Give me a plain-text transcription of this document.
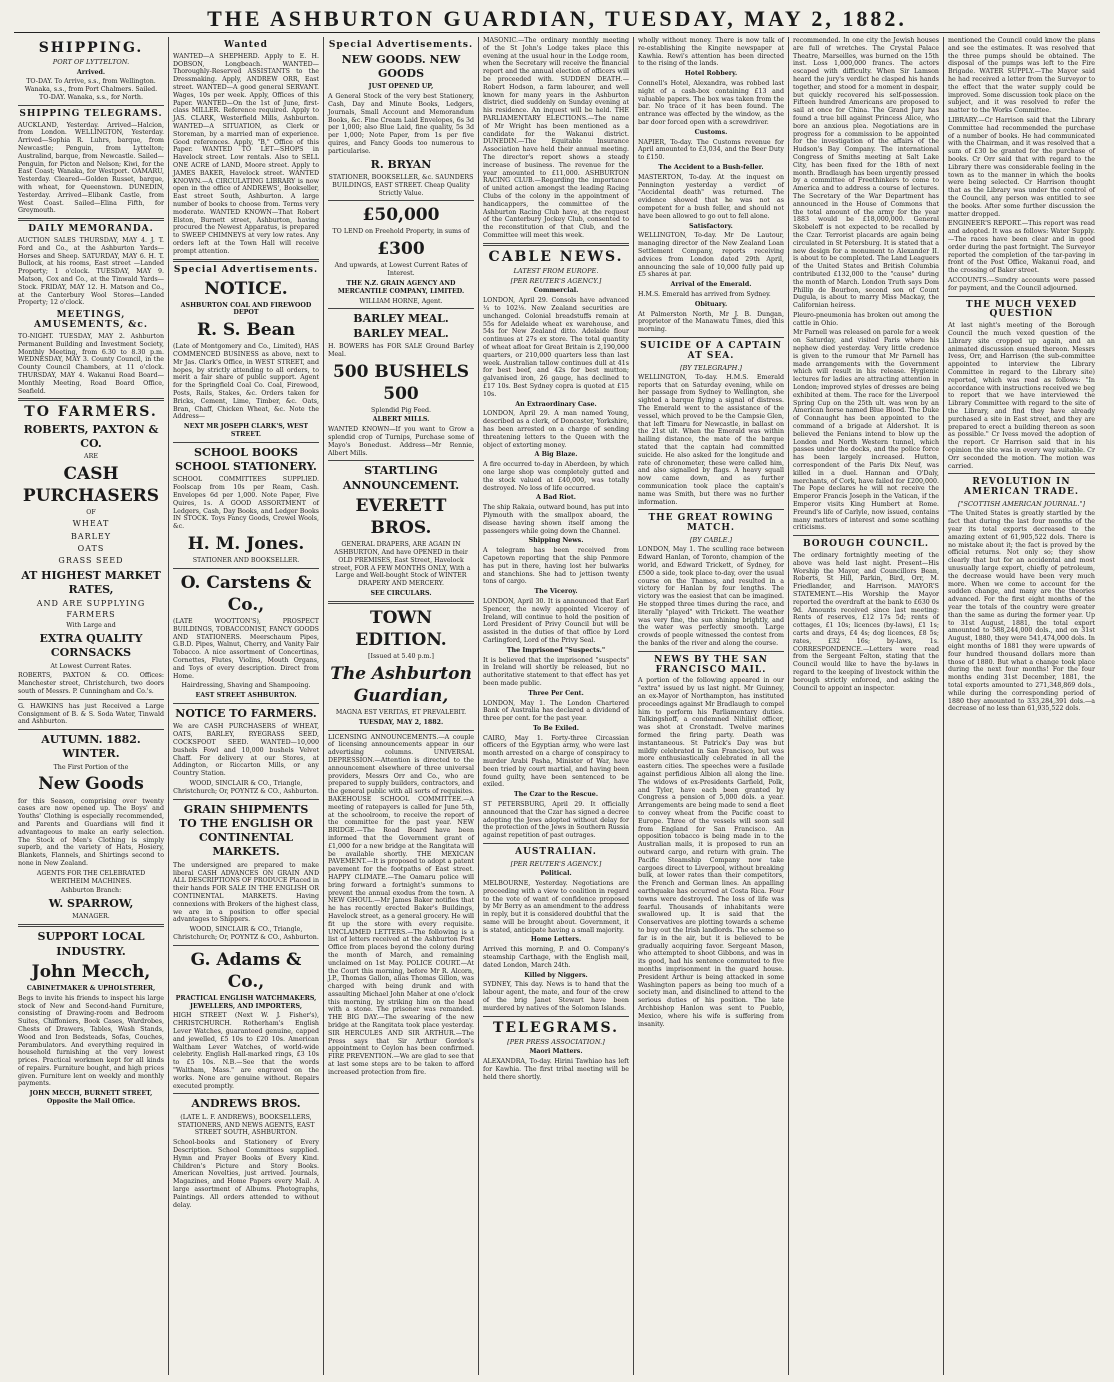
THE ASHBURTON GUARDIAN, TUESDAY, MAY 2, 1882.
SHIPPING.
PORT OF LYTTELTON.
Arrived.
TO-DAY. To Arrive, s.s., from Wellington. Wanaka, s.s., from Port Chalmers. Sailed. TO-DAY. Wanaka, s.s., for North.
SHIPPING TELEGRAMS.
AUCKLAND, Yesterday. Arrived—Halcion, from London. WELLINGTON, Yesterday. Arrived—Sophia R. Luhrs, barque, from Newcastle; Penguin, from Lyttelton; Australind, barque, from Newcastle. Sailed—Penguin, for Picton and Nelson; Kiwi, for the East Coast; Wanaka, for Westport. OAMARU, Yesterday. Cleared—Golden Russet, barque, with wheat, for Queenstown. DUNEDIN, Yesterday. Arrived—Elibank Castle, from West Coast. Sailed—Elina Fifth, for Greymouth.
DAILY MEMORANDA.
AUCTION SALES THURSDAY, MAY 4. J. T. Ford and Co., at the Ashburton Yards—Horses and Sheep. SATURDAY, MAY 6. H. T. Bullock, at his rooms, East street —Landed Property; 1 o'clock. TUESDAY, MAY 9. Matson, Cox and Co., at the Tinwald Yards—Stock. FRIDAY, MAY 12. H. Matson and Co., at the Canterbury Wool Stores—Landed Property; 12 o'clock.
MEETINGS, AMUSEMENTS, &c.
TO-NIGHT. TUESDAY, MAY 2. Ashburton Permanent Building and Investment Society, Monthly Meeting, from 6.30 to 8.30 p.m. WEDNESDAY, MAY 3. County Council, in the County Council Chambers, at 11 o'clock. THURSDAY, MAY 4. Wakanui Road Board—Monthly Meeting, Road Board Office, Seafield.
TO FARMERS.
ROBERTS, PAXTON & CO.
ARE
CASH PURCHASERS
OF
WHEAT
BARLEY
OATS
GRASS SEED
AT HIGHEST MARKET RATES,
AND ARE SUPPLYING FARMERS
With Large and
EXTRA QUALITY CORNSACKS
At Lowest Current Rates.
ROBERTS, PAXTON & CO. Offices: Manchester street, Christchurch, two doors south of Messrs. P. Cunningham and Co.'s.
G. HAWKINS has just Received a Large Consignment of B. & S. Soda Water, Tinwald and Ashburton.
AUTUMN. 1882. WINTER.
The First Portion of the
New Goods
for this Season, comprising over twenty cases are now opened up. The Boys' and Youths' Clothing is especially recommended, and Parents and Guardians will find it advantageous to make an early selection. The Stock of Men's Clothing is simply superb, and the variety of Hats, Hosiery, Blankets, Flannels, and Shirtings second to none in New Zealand.
AGENTS FOR THE CELEBRATED WERTHEIM MACHINES.
Ashburton Branch:
W. SPARROW,
MANAGER.
SUPPORT LOCAL INDUSTRY.
John Mecch,
CABINETMAKER & UPHOLSTERER,
Begs to invite his friends to inspect his large stock of New and Second-hand Furniture, consisting of Drawing-room and Bedroom Suites, Chiffoniers, Book Cases, Wardrobes, Chests of Drawers, Tables, Wash Stands, Wood and Iron Bedsteads, Sofas, Couches, Perambulators. And everything required in household furnishing at the very lowest prices. Practical workmen kept for all kinds of repairs. Furniture bought, and high prices given. Furniture lent on weekly and monthly payments.
JOHN MECCH, BURNETT STREET, Opposite the Mail Office.
Wanted
WANTED—A SHEPHERD. Apply to E. H. DOBSON, Longbeach. WANTED—Thoroughly-Reserved ASSISTANTS to the Dressmaking. Apply, ANDREW ORR, East street. WANTED—A good general SERVANT. Wages, 10s per week. Apply, Offices of this Paper. WANTED—On the 1st of June, first-class MILLER. Reference required. Apply to JAS. CLARK, Westerfield Mills, Ashburton. WANTED—A SITUATION, as Clerk or Storeman, by a married man of experience. Good references. Apply, "B," Office of this Paper. WANTED TO LET—SHOPS in Havelock street. Low rentals. Also to SELL ONE ACRE of LAND, Moore street. Apply to JAMES BAKER, Havelock street. WANTED KNOWN.—A CIRCULATING LIBRARY is now open in the office of ANDREWS', Bookseller, East street South, Ashburton. A large number of books to choose from. Terms very moderate. WANTED KNOWN—That Robert Elston, Burnett street, Ashburton, having procured the Newest Apparatus, is prepared to SWEEP CHIMNEYS at very low rates. Any orders left at the Town Hall will receive prompt attention.
Special Advertisements.
NOTICE.
ASHBURTON COAL AND FIREWOOD DEPOT
R. S. Bean
(Late of Montgomery and Co., Limited), HAS COMMENCED BUSINESS as above, next to Mr Jas. Clark's Office, in WEST STREET, and hopes, by strictly attending to all orders, to merit a fair share of public support. Agent for the Springfield Coal Co. Coal, Firewood, Posts, Rails, Stakes, &c. Orders taken for Bricks, Cement, Lime, Timber, &c. Oats, Bran, Chaff, Chicken Wheat, &c. Note the Address—
NEXT MR JOSEPH CLARK'S, WEST STREET.
SCHOOL BOOKS SCHOOL STATIONERY.
SCHOOL COMMITTEES SUPPLIED. Foolscap from 10s per Ream, Cash. Envelopes 6d per 1,000. Note Paper, Five Quires, 1s. A GOOD ASSORTMENT of Ledgers, Cash, Day Books, and Ledger Books IN STOCK. Toys Fancy Goods, Crewel Wools, &c.
H. M. Jones.
STATIONER AND BOOKSELLER.
O. Carstens & Co.,
(LATE WOOTTON'S), PROSPECT BUILDINGS, TOBACCONIST, FANCY GOODS AND STATIONERS. Meerschaum Pipes, G.B.D. Pipes, Walnut, Cherry, and Vanity Fair Tobacco. A nice assortment of Concertinas, Cornettes, Flutes, Violins, Mouth Organs, and Toys of every description. Direct from Home.
Hairdressing, Shaving and Shampooing.
EAST STREET ASHBURTON.
NOTICE TO FARMERS.
We are CASH PURCHASERS of WHEAT, OATS, BARLEY, RYEGRASS SEED, COCKSFOOT SEED. WANTED—10,000 bushels Fowl and 10,000 bushels Velvet Chaff. For delivery at our Stores, at Addington, or Riccarton Mills, or any Country Station.
WOOD, SINCLAIR & CO., Triangle, Christchurch; Or, POYNTZ & CO., Ashburton.
GRAIN SHIPMENTS TO THE ENGLISH OR CONTINENTAL MARKETS.
The undersigned are prepared to make liberal CASH ADVANCES ON GRAIN AND ALL DESCRIPTIONS OF PRODUCE Placed in their hands FOR SALE IN THE ENGLISH OR CONTINENTAL MARKETS. Having connexions with Brokers of the highest class, we are in a position to offer special advantages to Shippers.
WOOD, SINCLAIR & CO., Triangle, Christchurch; Or, POYNTZ & CO., Ashburton.
G. Adams & Co.,
PRACTICAL ENGLISH WATCHMAKERS, JEWELLERS, AND IMPORTERS,
HIGH STREET (Next W. J. Fisher's), CHRISTCHURCH. Rotherham's English Lever Watches, guaranteed genuine, capped and jewelled, £5 10s to £20 10s. American Waltham Lever Watches, of world-wide celebrity. English Hall-marked rings, £3 10s to £5 10s. N.B.—See that the words "Waltham, Mass." are engraved on the works. None are genuine without. Repairs executed promptly.
ANDREWS BROS.
(LATE L. F. ANDREWS), BOOKSELLERS, STATIONERS, AND NEWS AGENTS, EAST STREET SOUTH, ASHBURTON.
School-books and Stationery of Every Description. School Committees supplied. Hymn and Prayer Books of Every Kind. Children's Picture and Story Books. American Novelties, just arrived. Journals, Magazines, and Home Papers every Mail. A large assortment of Albums. Photographs, Paintings. All orders attended to without delay.
Special Advertisements.
NEW GOODS. NEW GOODS
JUST OPENED UP,
A General Stock of the very best Stationery, Cash, Day and Minute Books, Ledgers, Journals, Small Account and Memorandum Books, &c. Fine Cream Laid Envelopes, 6s 3d per 1,000; also Blue Laid, fine quality, 5s 3d per 1,000; Note Paper, from 1s per five quires, and Fancy Goods too numerous to particularise.
R. BRYAN
STATIONER, BOOKSELLER, &c. SAUNDERS BUILDINGS, EAST STREET. Cheap Quality Strictly Value.
£50,000
TO LEND on Freehold Property, in sums of
£300
And upwards, at Lowest Current Rates of Interest.
THE N.Z. GRAIN AGENCY AND MERCANTILE COMPANY, LIMITED.
WILLIAM HORNE, Agent.
BARLEY MEAL. BARLEY MEAL.
H. BOWERS has FOR SALE Ground Barley Meal.
500 BUSHELS 500
Splendid Pig Feed.
ALBERT MILLS.
WANTED KNOWN—If you want to Grow a splendid crop of Turnips, Purchase some of Mayo's Bonedust. Address—Mr Rennie, Albert Mills.
STARTLING ANNOUNCEMENT.
EVERETT BROS.
GENERAL DRAPERS, ARE AGAIN IN ASHBURTON, And have OPENED in their OLD PREMISES, East Street, Havelock street, FOR A FEW MONTHS ONLY, With a Large and Well-bought Stock of WINTER DRAPERY AND MERCERY.
SEE CIRCULARS.
TOWN EDITION.
[Issued at 5.40 p.m.]
The Ashburton Guardian,
MAGNA EST VERITAS, ET PREVALEBIT.
TUESDAY, MAY 2, 1882.
LICENSING ANNOUNCEMENTS.—A couple of licensing announcements appear in our advertising columns. UNIVERSAL DEPRESSION.—Attention is directed to the announcement elsewhere of three universal providers, Messrs Orr and Co., who are prepared to supply builders, contractors, and the general public with all sorts of requisites. BAKEHOUSE SCHOOL COMMITTEE.—A meeting of ratepayers is called for June 5th, at the schoolroom, to receive the report of the committee for the past year. NEW BRIDGE.—The Road Board have been informed that the Government grant of £1,000 for a new bridge at the Rangitata will be available shortly. THE MEXICAN PAVEMENT.—It is proposed to adopt a patent pavement for the footpaths of East street. HAPPY CLIMATE.—The Oamaru police will bring forward a fortnight's summons to prevent the annual exodus from the town. A NEW GHOUL.—Mr James Baker notifies that he has recently erected Baker's Buildings, Havelock street, as a general grocery. He will fit up the store with every requisite. UNCLAIMED LETTERS.—The following is a list of letters received at the Ashburton Post Office from places beyond the colony during the month of March, and remaining unclaimed on 1st May. POLICE COURT.—At the Court this morning, before Mr R. Alcorn, J.P., Thomas Gallon, alias Thomas Gillon, was charged with being drunk and with assaulting Michael John Maher at one o'clock this morning, by striking him on the head with a stone. The prisoner was remanded. THE BIG DAY.—The swearing of the new bridge at the Rangitata took place yesterday. SIR HERCULES AND SIR ARTHUR.—The Press says that Sir Arthur Gordon's appointment to Ceylon has been confirmed. FIRE PREVENTION.—We are glad to see that at last some steps are to be taken to afford increased protection from fire.
MASONIC.—The ordinary monthly meeting of the St John's Lodge takes place this evening at the usual hour in the Lodge room, when the Secretary will receive the financial report and the annual election of officers will be proceeded with. SUDDEN DEATH.—Robert Hodson, a farm labourer, and well known for many years in the Ashburton district, died suddenly on Sunday evening at his residence. An inquest will be held. THE PARLIAMENTARY ELECTIONS.—The name of Mr Wright has been mentioned as a candidate for the Wakanui district. DUNEDIN.—The Equitable Insurance Association have held their annual meeting. The director's report shows a steady increase of business. The revenue for the year amounted to £11,000. ASHBURTON RACING CLUB.—Regarding the importance of united action amongst the leading Racing Clubs of the colony in the appointment of handicappers, the committee of the Ashburton Racing Club have, at the request of the Canterbury Jockey Club, consented to the reconstitution of that Club, and the Committee will meet this week.
CABLE NEWS.
LATEST FROM EUROPE.
[PER REUTER'S AGENCY.]
Commercial.
LONDON, April 29. Consols have advanced ¼ to 102⅛. New Zealand securities are unchanged. Colonial breadstuffs remain at 55s for Adelaide wheat ex warehouse, and 54s for New Zealand ditto. Adelaide flour continues at 27s ex store. The total quantity of wheat afloat for Great Britain is 2,190,000 quarters, or 210,000 quarters less than last week. Australian tallow continues dull at 41s for best beef, and 42s for best mutton; galvanised iron, 26 gauge, has declined to £17 10s. Best Sydney copra is quoted at £15 10s.
An Extraordinary Case.
LONDON, April 29. A man named Young, described as a clerk, of Doncaster, Yorkshire, has been arrested on a charge of sending threatening letters to the Queen with the object of extorting money.
A Big Blaze.
A fire occurred to-day in Aberdeen, by which one large shop was completely gutted and the stock valued at £40,000, was totally destroyed. No loss of life occurred.
A Bad Riot.
The ship Rakaia, outward bound, has put into Plymouth with the smallpox aboard, the disease having shown itself among the passengers while going down the Channel.
Shipping News.
A telegram has been received from Capetown reporting that the ship Penmore has put in there, having lost her bulwarks and stanchions. She had to jettison twenty tons of cargo.
The Viceroy.
LONDON, April 30. It is announced that Earl Spencer, the newly appointed Viceroy of Ireland, will continue to hold the position of Lord President of Privy Council but will be assisted in the duties of that office by Lord Carlingford, Lord of the Privy Seal.
The Imprisoned "Suspects."
It is believed that the imprisoned "suspects" in Ireland will shortly be released, but no authoritative statement to that effect has yet been made public.
Three Per Cent.
LONDON, May 1. The London Chartered Bank of Australia has declared a dividend of three per cent. for the past year.
To Be Exiled.
CAIRO, May 1. Forty-three Circassian officers of the Egyptian army, who were last month arrested on a charge of conspiracy to murder Arabi Pasha, Minister of War, have been tried by court martial, and having been found guilty, have been sentenced to be exiled.
The Czar to the Rescue.
ST PETERSBURG, April 29. It officially announced that the Czar has signed a decree adopting the Jews adopted without delay for the protection of the Jews in Southern Russia against repetition of past outrages.
AUSTRALIAN.
[PER REUTER'S AGENCY.]
Political.
MELBOURNE, Yesterday. Negotiations are proceeding with a view to coalition in regard to the vote of want of confidence proposed by Mr Berry as an amendment to the address in reply, but it is considered doubtful that the same will be brought about. Government, it is stated, anticipate having a small majority.
Home Letters.
Arrived this morning, P. and O. Company's steamship Carthage, with the English mail, dated London, March 24th.
Killed by Niggers.
SYDNEY, This day. News is to hand that the labour agent, the mate, and four of the crew of the brig Janet Stewart have been murdered by natives of the Solomon Islands.
TELEGRAMS.
[PER PRESS ASSOCIATION.]
Maori Matters.
ALEXANDRA, To-day. Hirini Tawhiao has left for Kawhia. The first tribal meeting will be held there shortly.
wholly without money. There is now talk of re-establishing the Kingite newspaper at Kawhia. Rewi's attention has been directed to the rising of the lands.
Hotel Robbery.
Connell's Hotel, Alexandra, was robbed last night of a cash-box containing £13 and valuable papers. The box was taken from the bar. No trace of it has been found. The entrance was effected by the window, as the bar door forced open with a screwdriver.
Customs.
NAPIER, To-day. The Customs revenue for April amounted to £3,034, and the Beer Duty to £150.
The Accident to a Bush-feller.
MASTERTON, To-day. At the inquest on Pennington yesterday a verdict of "Accidental death" was returned. The evidence showed that he was not as competent for a bush feller, and should not have been allowed to go out to fell alone.
Satisfactory.
WELLINGTON, To-day. Mr De Lautour, managing director of the New Zealand Loan Settlement Company, reports receiving advices from London dated 29th April, announcing the sale of 10,000 fully paid up £5 shares at par.
Arrival of the Emerald.
H.M.S. Emerald has arrived from Sydney.
Obituary.
At Palmerston North, Mr J. B. Dungan, proprietor of the Manawatu Times, died this morning.
SUICIDE OF A CAPTAIN AT SEA.
[BY TELEGRAPH.]
WELLINGTON, To-day. H.M.S. Emerald reports that on Saturday evening, while on her passage from Sydney to Wellington, she sighted a barque flying a signal of distress. The Emerald went to the assistance of the vessel, which proved to be the Campsie Glen, that left Timaru for Newcastle, in ballast on the 21st ult. When the Emerald was within hailing distance, the mate of the barque stated that the captain had committed suicide. He also asked for the longitude and rate of chronometer, these were called him, and also signalled by flags. A heavy squall now came down, and as further communication took place the captain's name was Smith, but there was no further information.
THE GREAT ROWING MATCH.
[BY CABLE.]
LONDON, May 1. The sculling race between Edward Hanlan, of Toronto, champion of the world, and Edward Trickett, of Sydney, for £500 a side, took place to-day, over the usual course on the Thames, and resulted in a victory for Hanlan by four lengths. The victory was the easiest that can be imagined. He stopped three times during the race, and literally "played" with Trickett. The weather was very fine, the sun shining brightly, and the water was perfectly smooth. Large crowds of people witnessed the contest from the banks of the river and along the course.
NEWS BY THE SAN FRANCISCO MAIL.
A portion of the following appeared in our "extra" issued by us last night. Mr Guinney, an ex-Mayor of Northampton, has instituted proceedings against Mr Bradlaugh to compel him to perform his Parliamentary duties. Talkingshoff, a condemned Nihilist officer, was shot at Cronstadt. Twelve marines formed the firing party. Death was instantaneous. St Patrick's Day was but mildly celebrated in San Francisco, but was more enthusiastically celebrated in all the eastern cities. The speeches were a fusilade against perfidious Albion all along the line. The widows of ex-Presidents Garfield, Polk, and Tyler, have each been granted by Congress a pension of 5,000 dols. a year. Arrangements are being made to send a fleet to convey wheat from the Pacific coast to Europe. Three of the vessels will soon sail from England for San Francisco. An opposition tobacco is being made in to the Australian mails, it is proposed to run an outward cargo, and return with grain. The Pacific Steamship Company now take cargoes direct to Liverpool, without breaking bulk, at lower rates than their competitors, the French and German lines. An appalling earthquake has occurred at Costa Rica. Four towns were destroyed. The loss of life was fearful. Thousands of inhabitants were swallowed up. It is said that the Conservatives are plotting towards a scheme to buy out the Irish landlords. The scheme so far is in the air, but it is believed to be gradually acquiring favor. Sergeant Mason, who attempted to shoot Gibbons, and was in its good, had his sentence commuted to five months imprisonment in the guard house. President Arthur is being attacked in some Washington papers as being too much of a society man, and disinclined to attend to the serious duties of his position. The late Archbishop Hanlon was sent to Pueblo, Mexico, where his wife is suffering from insanity.
recommended. In one city the Jewish houses are full of wretches. The Crystal Palace Theatre, Marseilles, was burned on the 15th inst. Loss 1,000,000 francs. The actors escaped with difficulty. When Sir Lamson heard the jury's verdict he clasped his hands together, and stood for a moment in despair, but quickly recovered his self-possession. Fifteen hundred Americans are proposed to sail at once for China. The Grand Jury has found a true bill against Princess Alice, who bore an anxious plea. Negotiations are in progress for a commission to be appointed for the investigation of the affairs of the Hudson's Bay Company. The international Congress of Smiths meeting at Salt Lake City, has been fixed for the 18th of next month. Bradlaugh has been urgently pressed by a committee of Freethinkers to come to America and to address a course of lectures. The Secretary of the War Department has announced in the House of Commons that the total amount of the army for the year 1883 would be £18,000,000. General Skobeleff is not expected to be recalled by the Czar. Terrorist placards are again being circulated in St Petersburg. It is stated that a new design for a monument to Alexander II. is about to be completed. The Land Leaguers of the United States and British Columbia contributed £132,000 to the "cause" during the month of March. London Truth says Dom Phillip de Bourbon, second son of Count Dugula, is about to marry Miss Mackay, the Californian heiress.
Pleuro-pneumonia has broken out among the cattle in Ohio.
Mr Parnell was released on parole for a week on Saturday, and visited Paris where his nephew died yesterday. Very little credence is given to the rumour that Mr Parnell has made arrangements with the Government which will result in his release. Hygienic lectures for ladies are attracting attention in London; improved styles of dresses are being exhibited at them. The race for the Liverpool Spring Cup on the 25th ult. was won by an American horse named Blue Blood. The Duke of Connaught has been appointed to the command of a brigade at Aldershot. It is believed the Fenians intend to blow up the London and North Western tunnel, which passes under the docks, and the police force has been largely increased. Hutton, correspondent of the Paris Dix Neuf, was killed in a duel. Hannan and O'Daly, merchants, of Cork, have failed for £200,000. The Pope declares he will not receive the Emperor Francis Joseph in the Vatican, if the Emperor visits King Humbert at Rome. Freund's life of Carlyle, now issued, contains many matters of interest and some scathing criticisms.
BOROUGH COUNCIL.
The ordinary fortnightly meeting of the above was held last night. Present—His Worship the Mayor, and Councillors Bean, Roberts, St Hill, Parkin, Bird, Orr, M. Friedlander, and Harrison. MAYOR'S STATEMENT.—His Worship the Mayor reported the overdraft at the bank to £630 0s 9d. Amounts received since last meeting: Rents of reserves, £12 17s 5d; rents of cottages, £1 10s; licences (by-laws), £1 1s; carts and drays, £4 4s; dog licences, £8 5s; rates, £32 16s; by-laws, 1s. CORRESPONDENCE.—Letters were read from the Sergeant Felton, stating that the Council would like to have the by-laws in regard to the keeping of livestock within the borough strictly enforced, and asking the Council to appoint an inspector.
mentioned the Council could know the plans and see the estimates. It was resolved that the three pumps should be obtained. The disposal of the pumps was left to the Fire Brigade. WATER SUPPLY.—The Mayor said he had received a letter from the Surveyor to the effect that the water supply could be improved. Some discussion took place on the subject, and it was resolved to refer the matter to the Works Committee.
LIBRARY.—Cr Harrison said that the Library Committee had recommended the purchase of a number of books. He had communicated with the Chairman, and it was resolved that a sum of £30 be granted for the purchase of books. Cr Orr said that with regard to the Library there was considerable feeling in the town as to the manner in which the books were being selected. Cr Harrison thought that as the Library was under the control of the Council, any person was entitled to see the books. After some further discussion the matter dropped.
ENGINEER'S REPORT.—This report was read and adopted. It was as follows: Water Supply.—The races have been clear and in good order during the past fortnight. The Surveyor reported the completion of the tar-paving in front of the Post Office, Wakanui road, and the crossing of Baker street.
ACCOUNTS.—Sundry accounts were passed for payment, and the Council adjourned.
THE MUCH VEXED QUESTION
At last night's meeting of the Borough Council the much vexed question of the Library site cropped up again, and an animated discussion ensued thereon. Messrs Ivess, Orr, and Harrison (the sub-committee appointed to interview the Library Committee in regard to the Library site) reported, which was read as follows: "In accordance with instructions received we beg to report that we have interviewed the Library Committee with regard to the site of the Library, and find they have already purchased a site in East street, and they are prepared to erect a building thereon as soon as possible." Cr Ivess moved the adoption of the report. Cr Harrison said that in his opinion the site was in every way suitable. Cr Orr seconded the motion. The motion was carried.
REVOLUTION IN AMERICAN TRADE.
["SCOTTISH AMERICAN JOURNAL."]
"The United States is greatly startled by the fact that during the last four months of the year its total exports decreased to the amazing extent of 61,905,522 dols. There is no mistake about it; the fact is proved by the official returns. Not only so; they show clearly that but for an accidental and most unusually large export, chiefly of petroleum, the decrease would have been very much more. When we come to account for the sudden change, and many are the theories advanced. For the first eight months of the year the totals of the country were greater than the same as during the former year. Up to 31st August, 1881, the total export amounted to 588,244,000 dols., and on 31st August, 1880, they were 541,474,000 dols. In eight months of 1881 they were upwards of four hundred thousand dollars more than those of 1880. But what a change took place during the next four months! For the four months ending 31st December, 1881, the total exports amounted to 271,348,869 dols., while during the corresponding period of 1880 they amounted to 333,284,391 dols.—a decrease of no less than 61,935,522 dols.
